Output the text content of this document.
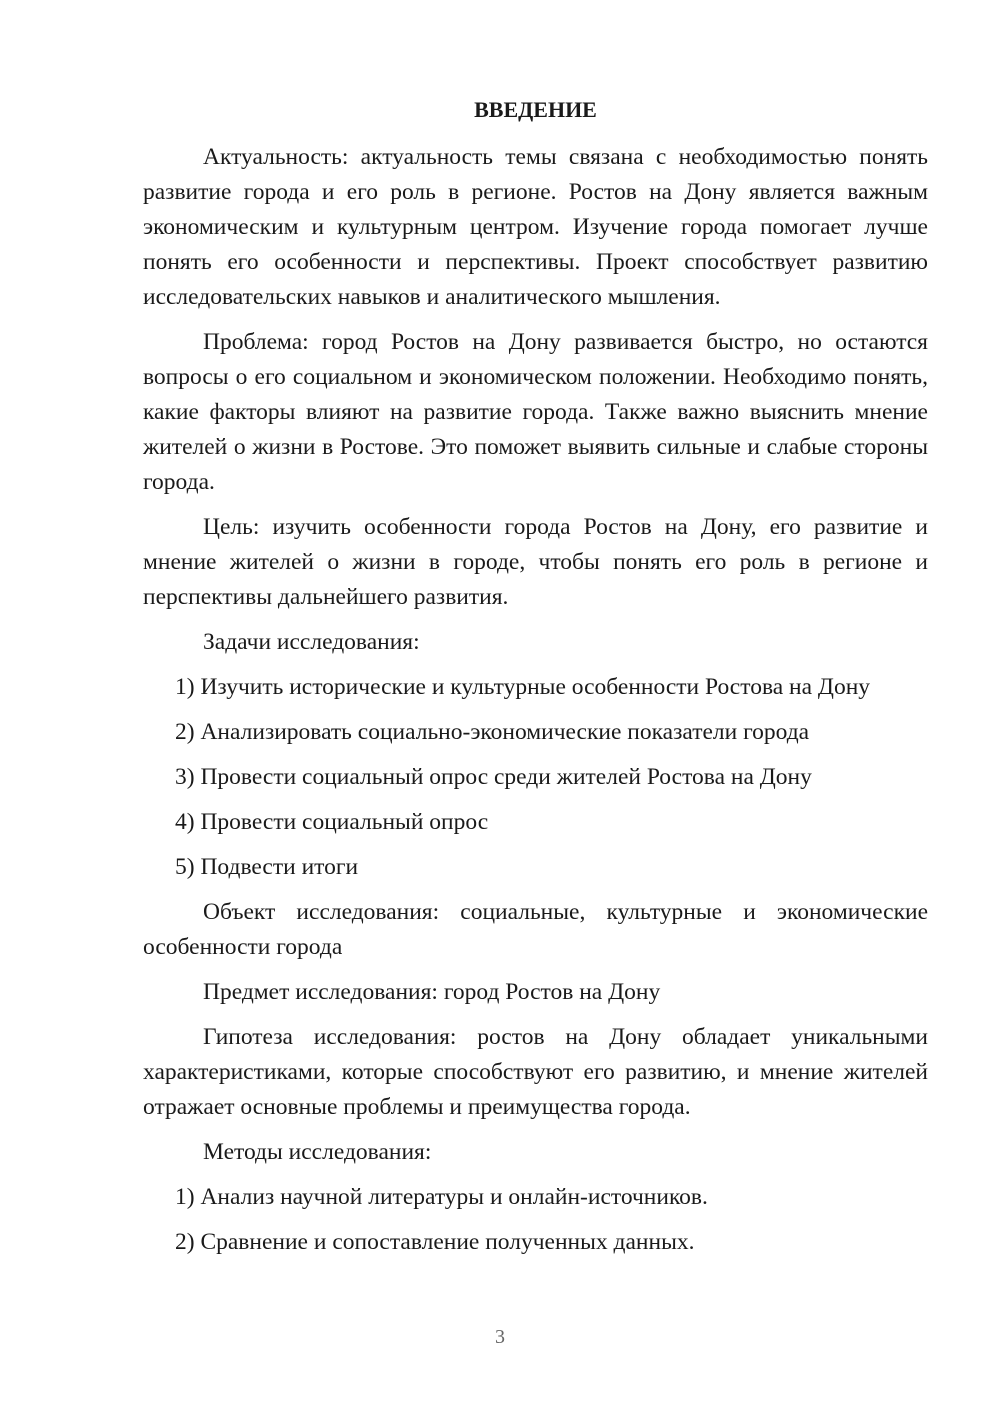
ВВЕДЕНИЕ

Актуальность: актуальность темы связана с необходимостью понять развитие города и его роль в регионе. Ростов на Дону является важным экономическим и культурным центром. Изучение города помогает лучше понять его особенности и перспективы. Проект способствует развитию исследовательских навыков и аналитического мышления.

Проблема: город Ростов на Дону развивается быстро, но остаются вопросы о его социальном и экономическом положении. Необходимо понять, какие факторы влияют на развитие города. Также важно выяснить мнение жителей о жизни в Ростове. Это поможет выявить сильные и слабые стороны города.

Цель: изучить особенности города Ростов на Дону, его развитие и мнение жителей о жизни в городе, чтобы понять его роль в регионе и перспективы дальнейшего развития.

Задачи исследования:

1) Изучить исторические и культурные особенности Ростова на Дону
2) Анализировать социально-экономические показатели города
3) Провести социальный опрос среди жителей Ростова на Дону
4) Провести социальный опрос
5) Подвести итоги

Объект исследования: социальные, культурные и экономические особенности города

Предмет исследования: город Ростов на Дону

Гипотеза исследования: ростов на Дону обладает уникальными характеристиками, которые способствуют его развитию, и мнение жителей отражает основные проблемы и преимущества города.

Методы исследования:

1) Анализ научной литературы и онлайн-источников.
2) Сравнение и сопоставление полученных данных.
3
